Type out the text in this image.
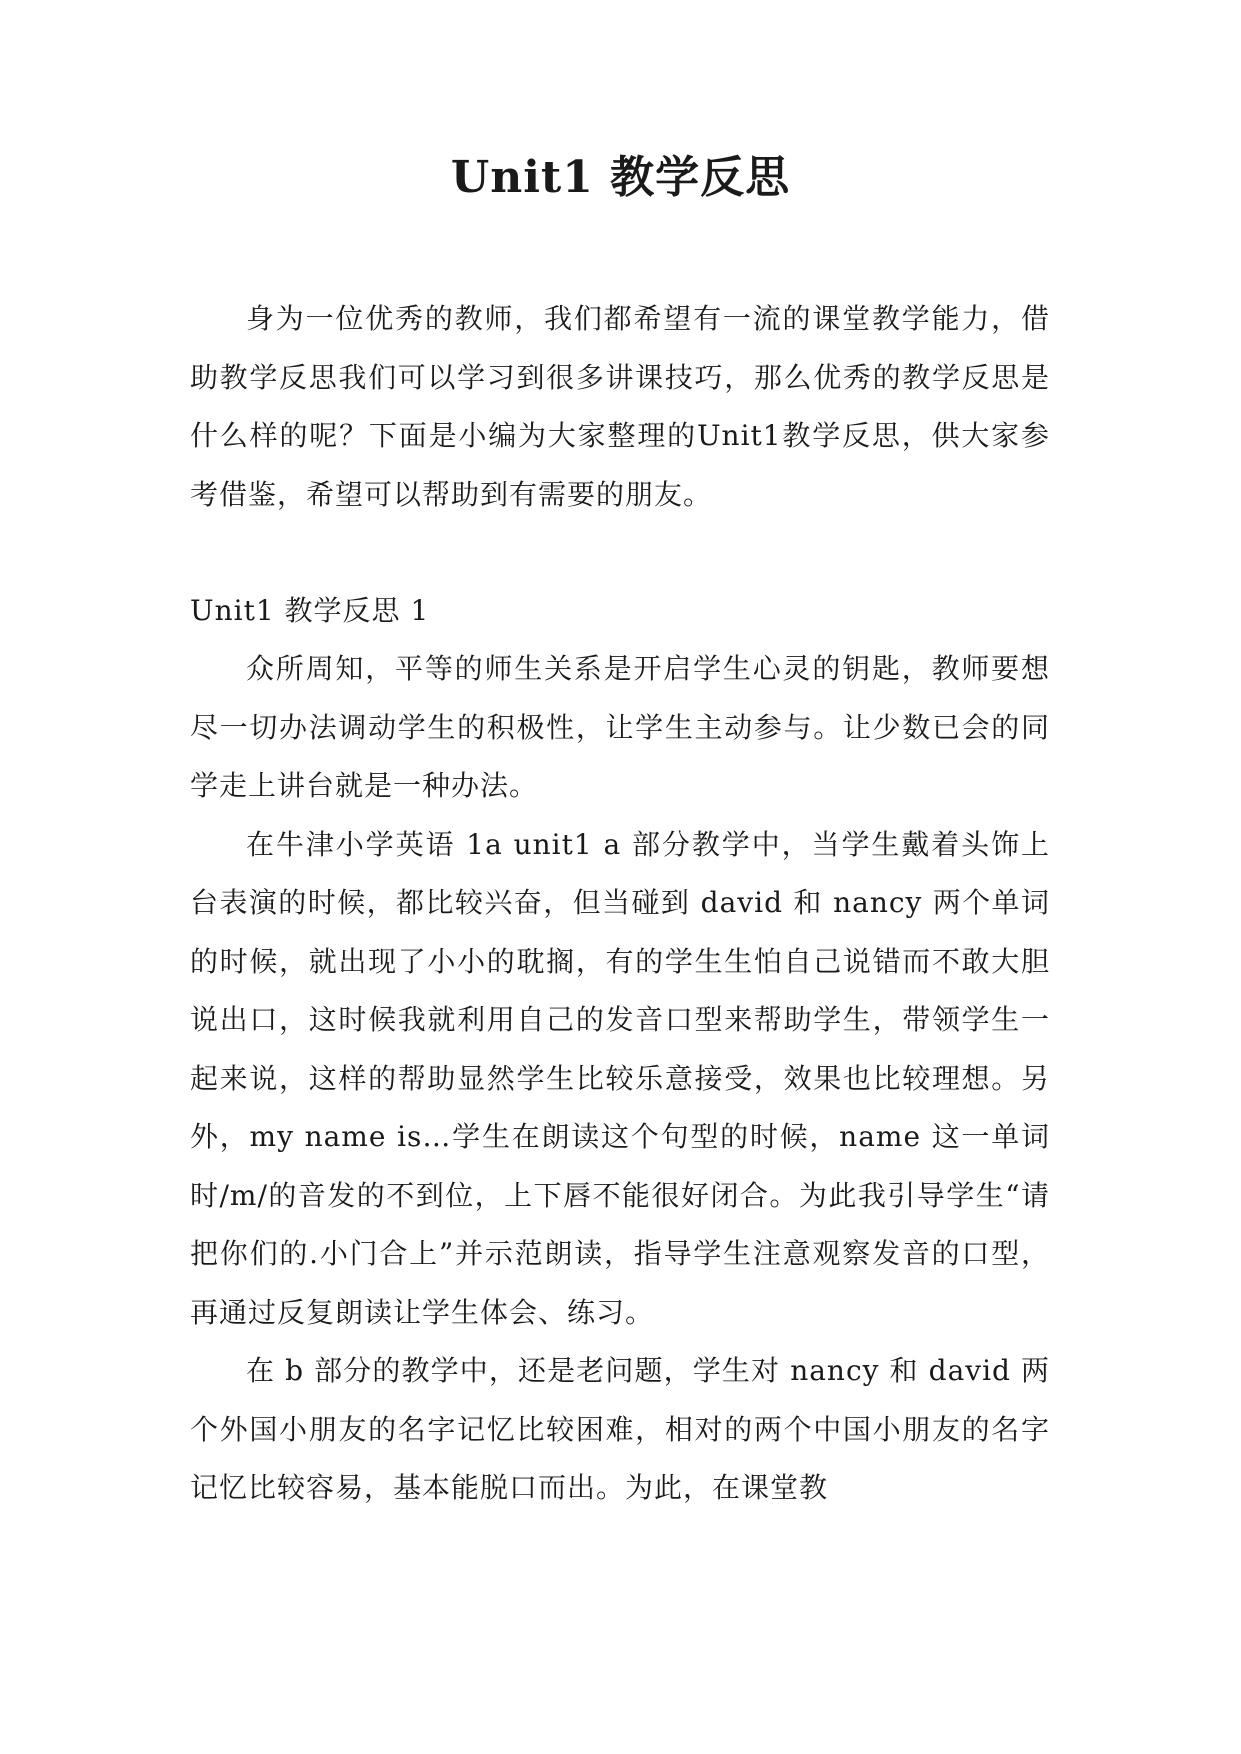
Unit1 教学反思

身为一位优秀的教师，我们都希望有一流的课堂教学能力，借助教学反思我们可以学习到很多讲课技巧，那么优秀的教学反思是什么样的呢？下面是小编为大家整理的Unit1教学反思，供大家参考借鉴，希望可以帮助到有需要的朋友。

Unit1 教学反思 1

众所周知，平等的师生关系是开启学生心灵的钥匙，教师要想尽一切办法调动学生的积极性，让学生主动参与。让少数已会的同学走上讲台就是一种办法。

在牛津小学英语 1a unit1 a 部分教学中，当学生戴着头饰上台表演的时候，都比较兴奋，但当碰到 david 和 nancy 两个单词的时候，就出现了小小的耽搁，有的学生生怕自己说错而不敢大胆说出口，这时候我就利用自己的发音口型来帮助学生，带领学生一起来说，这样的帮助显然学生比较乐意接受，效果也比较理想。另外，my name is…学生在朗读这个句型的时候，name 这一单词时/m/的音发的不到位，上下唇不能很好闭合。为此我引导学生“请把你们的.小门合上”并示范朗读，指导学生注意观察发音的口型，再通过反复朗读让学生体会、练习。

在 b 部分的教学中，还是老问题，学生对 nancy 和 david 两个外国小朋友的名字记忆比较困难，相对的两个中国小朋友的名字记忆比较容易，基本能脱口而出。为此，在课堂教
